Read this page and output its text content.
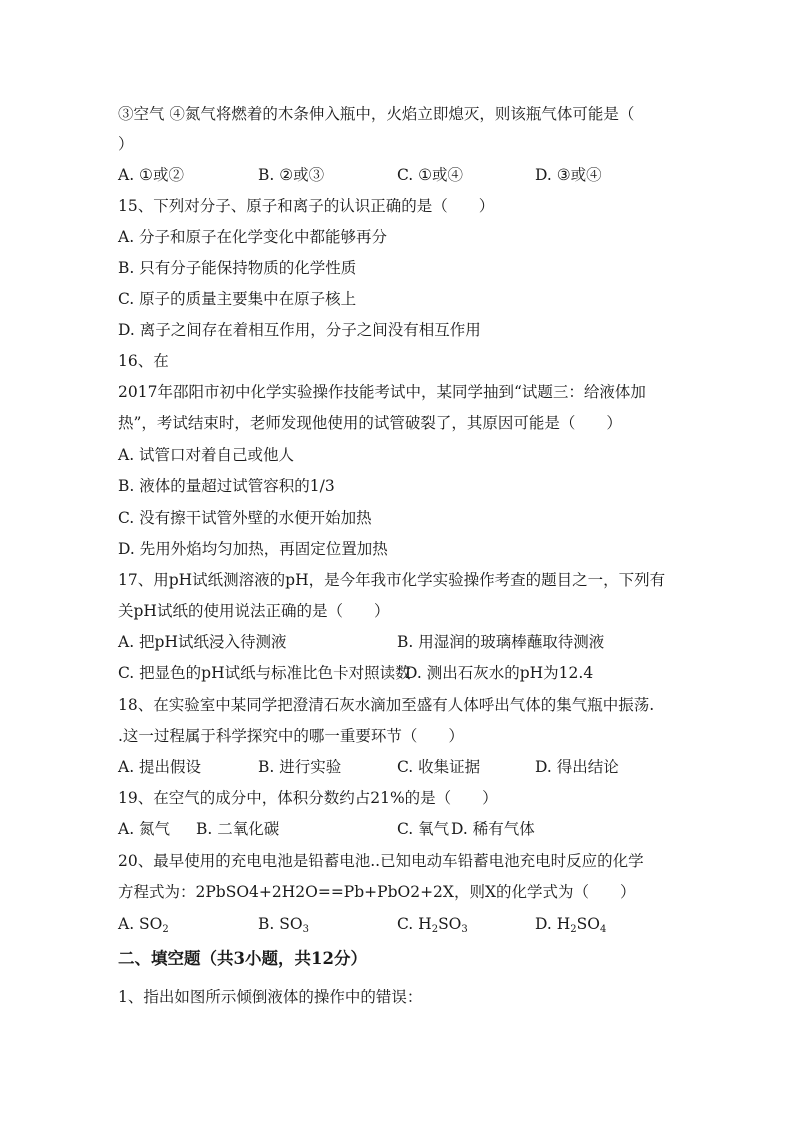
③空气 ④氮气将燃着的木条伸入瓶中，火焰立即熄灭，则该瓶气体可能是（
）
A. ①或②	B. ②或③	C. ①或④	D. ③或④
15、下列对分子、原子和离子的认识正确的是（　　）
A. 分子和原子在化学变化中都能够再分
B. 只有分子能保持物质的化学性质
C. 原子的质量主要集中在原子核上
D. 离子之间存在着相互作用，分子之间没有相互作用
16、在
2017年邵阳市初中化学实验操作技能考试中，某同学抽到“试题三：给液体加
热”，考试结束时，老师发现他使用的试管破裂了，其原因可能是（　　）
A. 试管口对着自己或他人
B. 液体的量超过试管容积的1/3
C. 没有擦干试管外壁的水便开始加热
D. 先用外焰均匀加热，再固定位置加热
17、用pH试纸测溶液的pH，是今年我市化学实验操作考查的题目之一，下列有
关pH试纸的使用说法正确的是（　　）
A. 把pH试纸浸入待测液	B. 用湿润的玻璃棒蘸取待测液
C. 把显色的pH试纸与标准比色卡对照读数
D. 测出石灰水的pH为12.4
18、在实验室中某同学把澄清石灰水滴加至盛有人体呼出气体的集气瓶中振荡.
.这一过程属于科学探究中的哪一重要环节（　　）
A. 提出假设	B. 进行实验	C. 收集证据	D. 得出结论
19、在空气的成分中，体积分数约占21%的是（　　）
A. 氮气 B. 二氧化碳	C. 氧气 D. 稀有气体
20、最早使用的充电电池是铅蓄电池..已知电动车铅蓄电池充电时反应的化学
方程式为：2PbSO4+2H2O==Pb+PbO2+2X，则X的化学式为（　　）
A. $SO_2$	B. $SO_3$	C. $H_2SO_3$	D. $H_2SO_4$
二、填空题（共3小题，共12分）
1、指出如图所示倾倒液体的操作中的错误：
